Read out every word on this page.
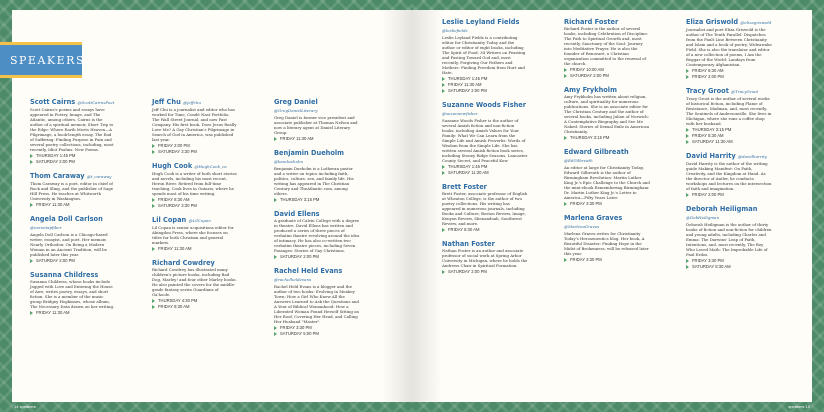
SPEAKERS
Scott Cairns @ScottCairnsPoet
Scott Cairns's poems and essays have appeared in Poetry, Image, and The Atlantic, among others. Cairns is the author of a spiritual memoir, Short Trip to the Edge: Where Earth Meets Heaven—A Pilgrimage, a book-length essay, The End of Suffering: Finding Purpose in Pain and several poetry collections, including, most recently, Idiot Psalms: New Poems.
THURSDAY 1:45 PM
SATURDAY 2:00 PM
Thom Caraway @t_caraway
Thom Caraway is a poet, editor in chief of Rock and Sling, and the publisher of Sage Hill Press. He teaches at Whitworth University in Washington.
FRIDAY 11:30 AM
Angela Doll Carlson @nervetapfiber
Angela Doll Carlson is a Chicago-based writer, essayist, and poet. Her memoir, Nearly Orthodox: On Being a Modern Woman in an Ancient Tradition, will be published later this year.
SATURDAY 2:00 PM
Susanna Childress
Susanna Childress, whose books include Jagged with Love and Entering the House of Awe, writes poetry, essays, and short fiction. She is a member of the music group Bridgey Hopkinses, whose album, The Necessary Data drawn on her writing.
FRIDAY 11:30 AM
Jeff Chu @jeffchu
Jeff Chu is a journalist and editor who has worked for Time, Condé Nast Portfolio, The Wall Street Journal, and now Fast Company. His first book, Does Jesus Really Love Me? A Gay Christian's Pilgrimage in Search of God in America, was published last year.
FRIDAY 2:00 PM
SATURDAY 3:30 PM
Hugh Cook @HughCook_ca
Hugh Cook is a writer of both short stories and novels, including his most recent, Heron River. Retired from full-time teaching, Cook lives in Ontario, where he spends most of his time writing.
FRIDAY 8:30 AM
SATURDAY 3:30 PM
Lil Copan @LilCopan
Lil Copan is senior acquisitions editor for Abingdon Press, where she focuses on titles for both Christian and general markets.
FRIDAY 11:30 AM
Richard Cowdrey
Richard Cowdrey has illustrated many children's picture books, including Bad Dog, Marley! and four other Marley books. He also painted the covers for the middle-grade fantasy series Guardians of Ga'hoole.
THURSDAY 4:30 PM
FRIDAY 8:30 AM
Greg Daniel @GregDanielLiterary
Greg Daniel is former vice president and associate publisher at Thomas Nelson and now a literary agent at Daniel Literary Group.
FRIDAY 11:30 AM
Benjamin Dueholm @bendueholm
Benjamin Dueholm is a Lutheran pastor and a writer on topics including faith, politics, culture, sex, and family life. His writing has appeared in The Christian Century and TheAtlantic.com, among others.
THURSDAY 3:15 PM
David Ellens
A graduate of Calvin College with a degree in theatre, David Ellens has written and produced a series of three pieces of verbatim theatre revolving around the idea of intimacy. He has also co-written two verbatim theatre pieces, including Seven Passages: Stories of Gay Christians.
SATURDAY 2:00 PM
Rachel Held Evans @rachelheldevans
Rachel Held Evans is a blogger and the author of two books: Evolving in Monkey Town: How a Girl Who Knew All the Answers Learned to Ask the Questions and A Year of Biblical Womanhood: How a Liberated Woman Found Herself Sitting on Her Roof, Covering Her Head, and Calling Her Husband "Master".
FRIDAY 3:30 PM
SATURDAY 5:00 PM
14 speakers
Leslie Leyland Fields @lesliefields
Leslie Leyland Fields is a contributing editor for Christianity Today and the author or editor of eight books, including The Spirit of Food: 34 Writers on Feasting and Fasting Toward God and, most recently, Forgiving Our Fathers and Mothers: Finding Freedom from Hurt and Hate.
THURSDAY 1:45 PM
FRIDAY 11:30 AM
SATURDAY 2:00 PM
Suzanne Woods Fisher @suzannewfisher
Suzanne Woods Fisher is the author of several Amish fiction and non-fiction books, including Amish Values for Your Family: What We Can Learn from the Simple Life and Amish Proverbs: Words of Wisdom from the Simple Life. She has written several Amish fiction book series, including Stoney Ridge Seasons, Lancaster County Secret, and Peaceful Kow.
THURSDAY 1:45 PM
SATURDAY 11:30 AM
Brett Foster
Brett Foster, associate professor of English at Wheaton College, is the author of two poetry collections. His writing has appeared in numerous journals, including Books and Culture, Boston Review, Image, Kenyon Review, Shenandoah, Southwest Review, and more.
FRIDAY 8:30 AM
Nathan Foster
Nathan Foster is an author and associate professor of social work at Spring Arbor University in Michigan, where he holds the Andrews Chair in Spiritual Formation.
SATURDAY 2:00 PM
Richard Foster
Richard Foster is the author of several books, including Celebration of Discipline: The Path to Spiritual Growth and, most recently, Sanctuary of the Soul: Journey into Meditative Prayer. He is also the founder of Renovaré, a Christian organization committed to the renewal of the church.
FRIDAY 10:00 AM
SATURDAY 2:00 PM
Amy Frykholm
Amy Frykholm has written about religion, culture, and spirituality for numerous publications. She is an associate editor for The Christian Century and the author of several books, including Julian of Norwich: A Contemplative Biography and See Me Naked: Stories of Sexual Exile in American Christianity.
THURSDAY 3:15 PM
Edward Gilbreath @EdGilbreath
An editor at large for Christianity Today, Edward Gilbreath is the author of Birmingham Revolution: Martin Luther King Jr.'s Epic Challenge to the Church and the mini-ebook Remembering Birmingham: Dr. Martin Luther King Jr.'s Letter to America—Fifty Years Later.
FRIDAY 3:30 PM
Marlena Graves @MarlenaGraves
Marlena Graves writes for Christianity Today's Her.meneutics blog. Her book, A Beautiful Disaster: Finding Hope in the Midst of Brokenness, will be released later this year.
FRIDAY 3:30 PM
Eliza Griswold @elizagriswold
Journalist and poet Eliza Griswold is the author of The Tenth Parallel: Dispatches from the Fault Line Between Christianity and Islam and a book of poetry, Wideawake Field. She is also the translator and editor of a new collection of poems, I Am the Beggar of the World: Landays from Contemporary Afghanistan.
FRIDAY 8:30 AM
FRIDAY 2:00 PM
Tracy Groot @TracyGroot
Tracy Groot is the author of several works of historical fiction, including Flame of Resistance, Madman, and, most recently, The Sentinels of Andersonville. She lives in Michigan, where she runs a coffee shop with her husband.
THURSDAY 3:15 PM
FRIDAY 8:30 AM
SATURDAY 11:30 AM
David Harrity @davidharrity
David Harrity is the author of the writing guide Making Manifest: On Faith, Creativity, and the Kingdom at Hand. As the director of Antler, he conducts workshops and lectures on the intersection of faith and imagination.
FRIDAY 2:00 PM
Deborah Heiligman @DebHeiligman
Deborah Heiligman is the author of thirty books of fiction and non-fiction for children and young adults, including Charles and Emma: The Darwins' Leap of Faith, Intentions, and, most recently, The Boy Who Loved Math: The Improbable Life of Paul Erdos.
FRIDAY 3:30 PM
SATURDAY 8:30 AM
speakers 15
